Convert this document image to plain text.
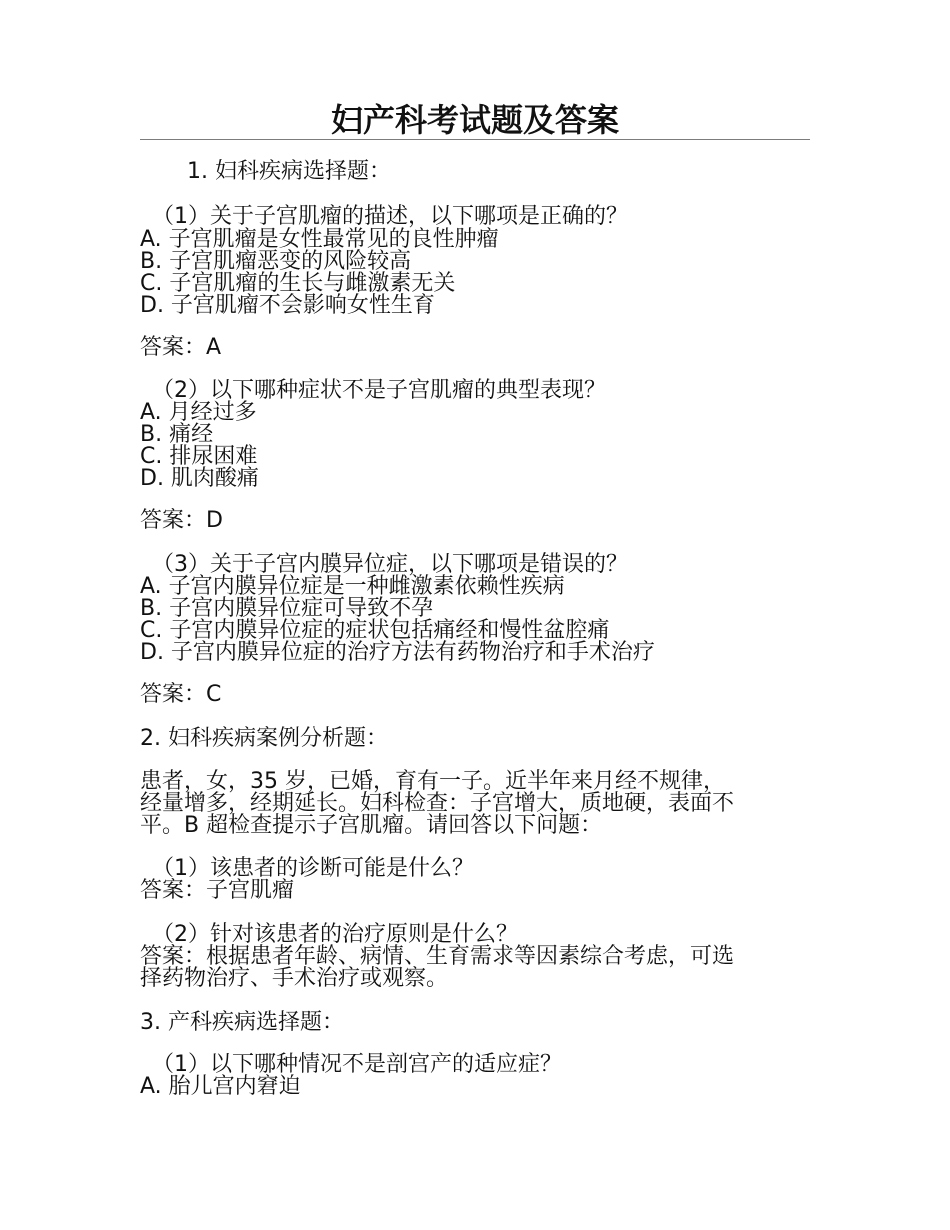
妇产科考试题及答案
1. 妇科疾病选择题：
（1）关于子宫肌瘤的描述，以下哪项是正确的？
A. 子宫肌瘤是女性最常见的良性肿瘤
B. 子宫肌瘤恶变的风险较高
C. 子宫肌瘤的生长与雌激素无关
D. 子宫肌瘤不会影响女性生育
答案：A
（2）以下哪种症状不是子宫肌瘤的典型表现？
A. 月经过多
B. 痛经
C. 排尿困难
D. 肌肉酸痛
答案：D
（3）关于子宫内膜异位症，以下哪项是错误的？
A. 子宫内膜异位症是一种雌激素依赖性疾病
B. 子宫内膜异位症可导致不孕
C. 子宫内膜异位症的症状包括痛经和慢性盆腔痛
D. 子宫内膜异位症的治疗方法有药物治疗和手术治疗
答案：C
2. 妇科疾病案例分析题：
患者，女，35 岁，已婚，育有一子。近半年来月经不规律，
经量增多，经期延长。妇科检查：子宫增大，质地硬，表面不
平。B 超检查提示子宫肌瘤。请回答以下问题：
（1）该患者的诊断可能是什么？
答案：子宫肌瘤
（2）针对该患者的治疗原则是什么？
答案：根据患者年龄、病情、生育需求等因素综合考虑，可选
择药物治疗、手术治疗或观察。
3. 产科疾病选择题：
（1）以下哪种情况不是剖宫产的适应症？
A. 胎儿宫内窘迫
